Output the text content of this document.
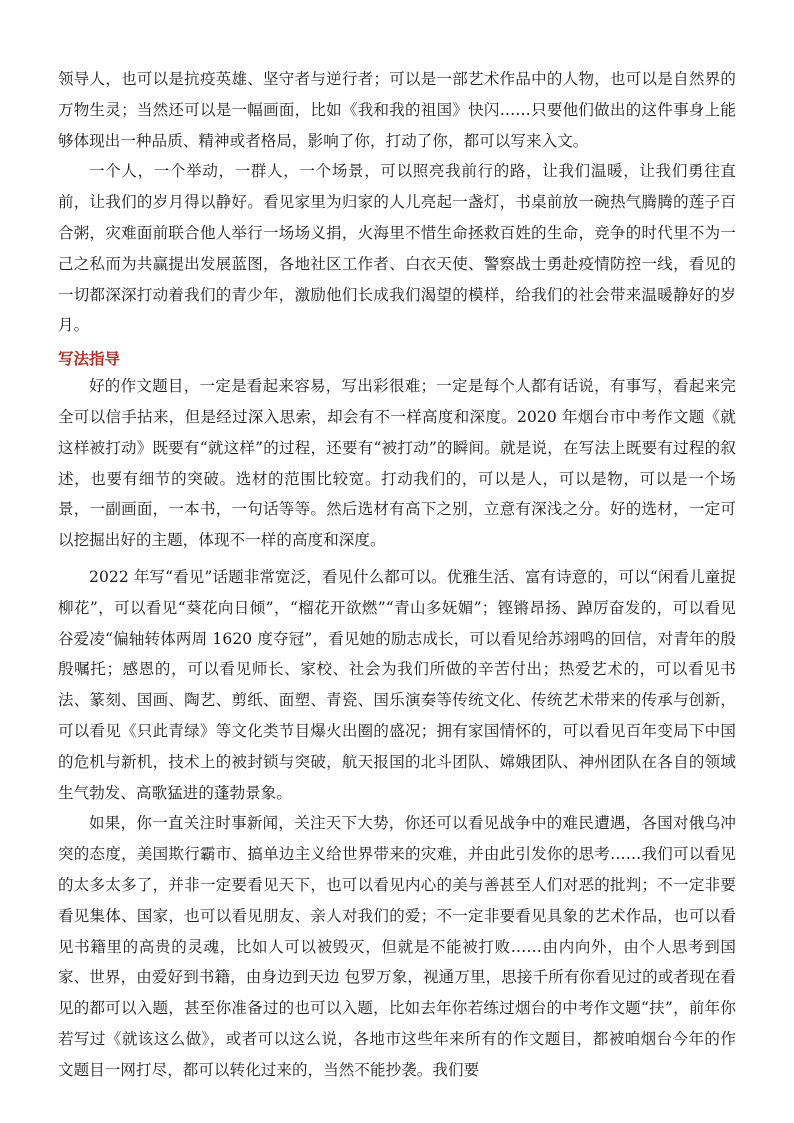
领导人，也可以是抗疫英雄、坚守者与逆行者；可以是一部艺术作品中的人物，也可以是自然界的万物生灵；当然还可以是一幅画面，比如《我和我的祖国》快闪……只要他们做出的这件事身上能够体现出一种品质、精神或者格局，影响了你，打动了你，都可以写来入文。

一个人，一个举动，一群人，一个场景，可以照亮我前行的路，让我们温暖，让我们勇往直前，让我们的岁月得以静好。看见家里为归家的人儿亮起一盏灯，书桌前放一碗热气腾腾的莲子百合粥，灾难面前联合他人举行一场场义捐，火海里不惜生命拯救百姓的生命，竞争的时代里不为一己之私而为共赢提出发展蓝图，各地社区工作者、白衣天使、警察战士勇赴疫情防控一线，看见的一切都深深打动着我们的青少年，激励他们长成我们渴望的模样，给我们的社会带来温暖静好的岁月。

写法指导

好的作文题目，一定是看起来容易，写出彩很难；一定是每个人都有话说，有事写，看起来完全可以信手拈来，但是经过深入思索，却会有不一样高度和深度。2020 年烟台市中考作文题《就这样被打动》既要有“就这样”的过程，还要有“被打动”的瞬间。就是说，在写法上既要有过程的叙述，也要有细节的突破。选材的范围比较宽。打动我们的，可以是人，可以是物，可以是一个场景，一副画面，一本书，一句话等等。然后选材有高下之别，立意有深浅之分。好的选材，一定可以挖掘出好的主题，体现不一样的高度和深度。

2022 年写“看见”话题非常宽泛，看见什么都可以。优雅生活、富有诗意的，可以“闲看儿童捉柳花”，可以看见“葵花向日倾”，“榴花开欲燃”“青山多妩媚”；铿锵昂扬、踔厉奋发的，可以看见谷爱凌“偏轴转体两周 1620 度夺冠”，看见她的励志成长，可以看见给苏翊鸣的回信，对青年的殷殷嘱托；感恩的，可以看见师长、家校、社会为我们所做的辛苦付出；热爱艺术的，可以看见书法、篆刻、国画、陶艺、剪纸、面塑、青瓷、国乐演奏等传统文化、传统艺术带来的传承与创新，可以看见《只此青绿》等文化类节目爆火出圈的盛况；拥有家国情怀的，可以看见百年变局下中国的危机与新机，技术上的被封锁与突破，航天报国的北斗团队、嫦娥团队、神州团队在各自的领域生气勃发、高歌猛进的蓬勃景象。

如果，你一直关注时事新闻，关注天下大势，你还可以看见战争中的难民遭遇，各国对俄乌冲突的态度，美国欺行霸市、搞单边主义给世界带来的灾难，并由此引发你的思考……我们可以看见的太多太多了，并非一定要看见天下，也可以看见内心的美与善甚至人们对恶的批判；不一定非要看见集体、国家，也可以看见朋友、亲人对我们的爱；不一定非要看见具象的艺术作品，也可以看见书籍里的高贵的灵魂，比如人可以被毁灭，但就是不能被打败……由内向外，由个人思考到国家、世界，由爱好到书籍，由身边到天边 包罗万象，视通万里，思接千所有你看见过的或者现在看见的都可以入题，甚至你准备过的也可以入题，比如去年你若练过烟台的中考作文题“扶”，前年你若写过《就该这么做》，或者可以这么说，各地市这些年来所有的作文题目，都被咱烟台今年的作文题目一网打尽，都可以转化过来的，当然不能抄袭。我们要
